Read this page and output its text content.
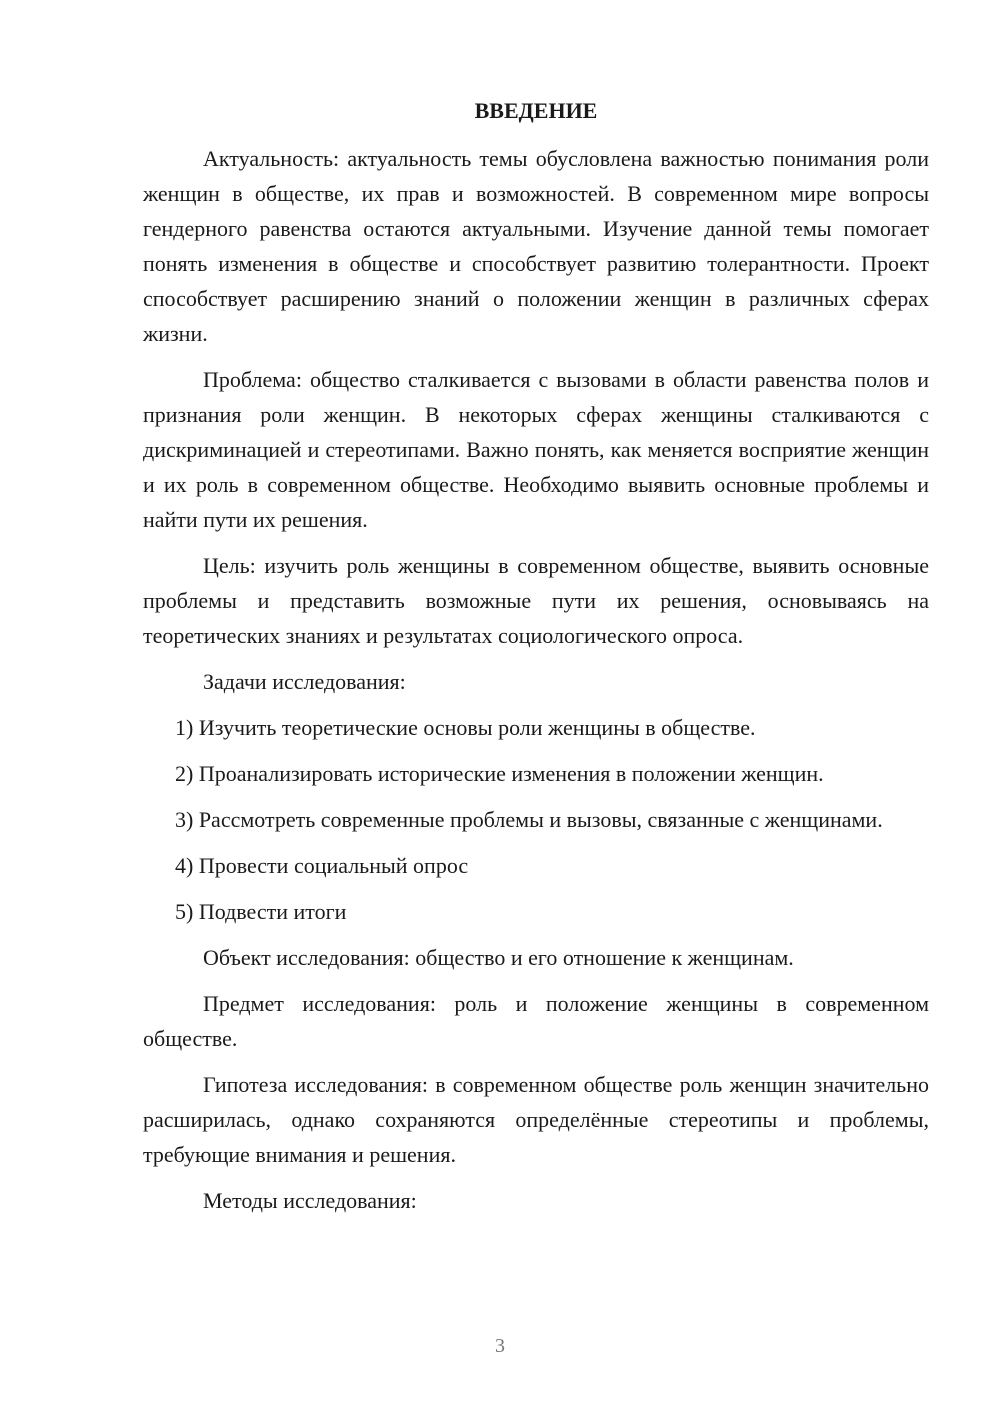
ВВЕДЕНИЕ

Актуальность: актуальность темы обусловлена важностью понимания роли женщин в обществе, их прав и возможностей. В современном мире вопросы гендерного равенства остаются актуальными. Изучение данной темы помогает понять изменения в обществе и способствует развитию толерантности. Проект способствует расширению знаний о положении женщин в различных сферах жизни.

Проблема: общество сталкивается с вызовами в области равенства полов и признания роли женщин. В некоторых сферах женщины сталкиваются с дискриминацией и стереотипами. Важно понять, как меняется восприятие женщин и их роль в современном обществе. Необходимо выявить основные проблемы и найти пути их решения.

Цель: изучить роль женщины в современном обществе, выявить основные проблемы и представить возможные пути их решения, основываясь на теоретических знаниях и результатах социологического опроса.

Задачи исследования:

1) Изучить теоретические основы роли женщины в обществе.

2) Проанализировать исторические изменения в положении женщин.

3) Рассмотреть современные проблемы и вызовы, связанные с женщинами.

4) Провести социальный опрос

5) Подвести итоги

Объект исследования: общество и его отношение к женщинам.

Предмет исследования: роль и положение женщины в современном обществе.

Гипотеза исследования: в современном обществе роль женщин значительно расширилась, однако сохраняются определённые стереотипы и проблемы, требующие внимания и решения.

Методы исследования:

3
